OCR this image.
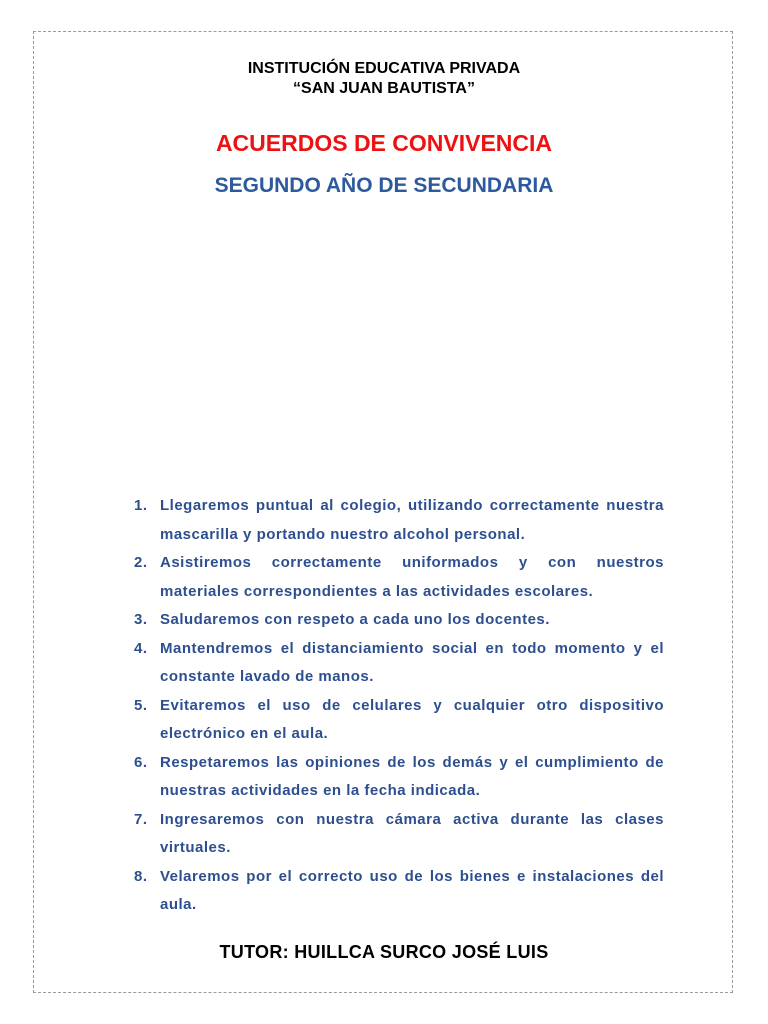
INSTITUCIÓN EDUCATIVA PRIVADA
“SAN JUAN BAUTISTA”
ACUERDOS DE CONVIVENCIA
SEGUNDO AÑO DE SECUNDARIA
1. Llegaremos puntual al colegio, utilizando correctamente nuestra mascarilla y portando nuestro alcohol personal.
2. Asistiremos correctamente uniformados y con nuestros materiales correspondientes a las actividades escolares.
3. Saludaremos con respeto a cada uno los docentes.
4. Mantendremos el distanciamiento social en todo momento y el constante lavado de manos.
5. Evitaremos el uso de celulares y cualquier otro dispositivo electrónico en el aula.
6. Respetaremos las opiniones de los demás y el cumplimiento de nuestras actividades en la fecha indicada.
7. Ingresaremos con nuestra cámara activa durante las clases virtuales.
8. Velaremos por el correcto uso de los bienes e instalaciones del aula.
TUTOR: HUILLCA SURCO JOSÉ LUIS
